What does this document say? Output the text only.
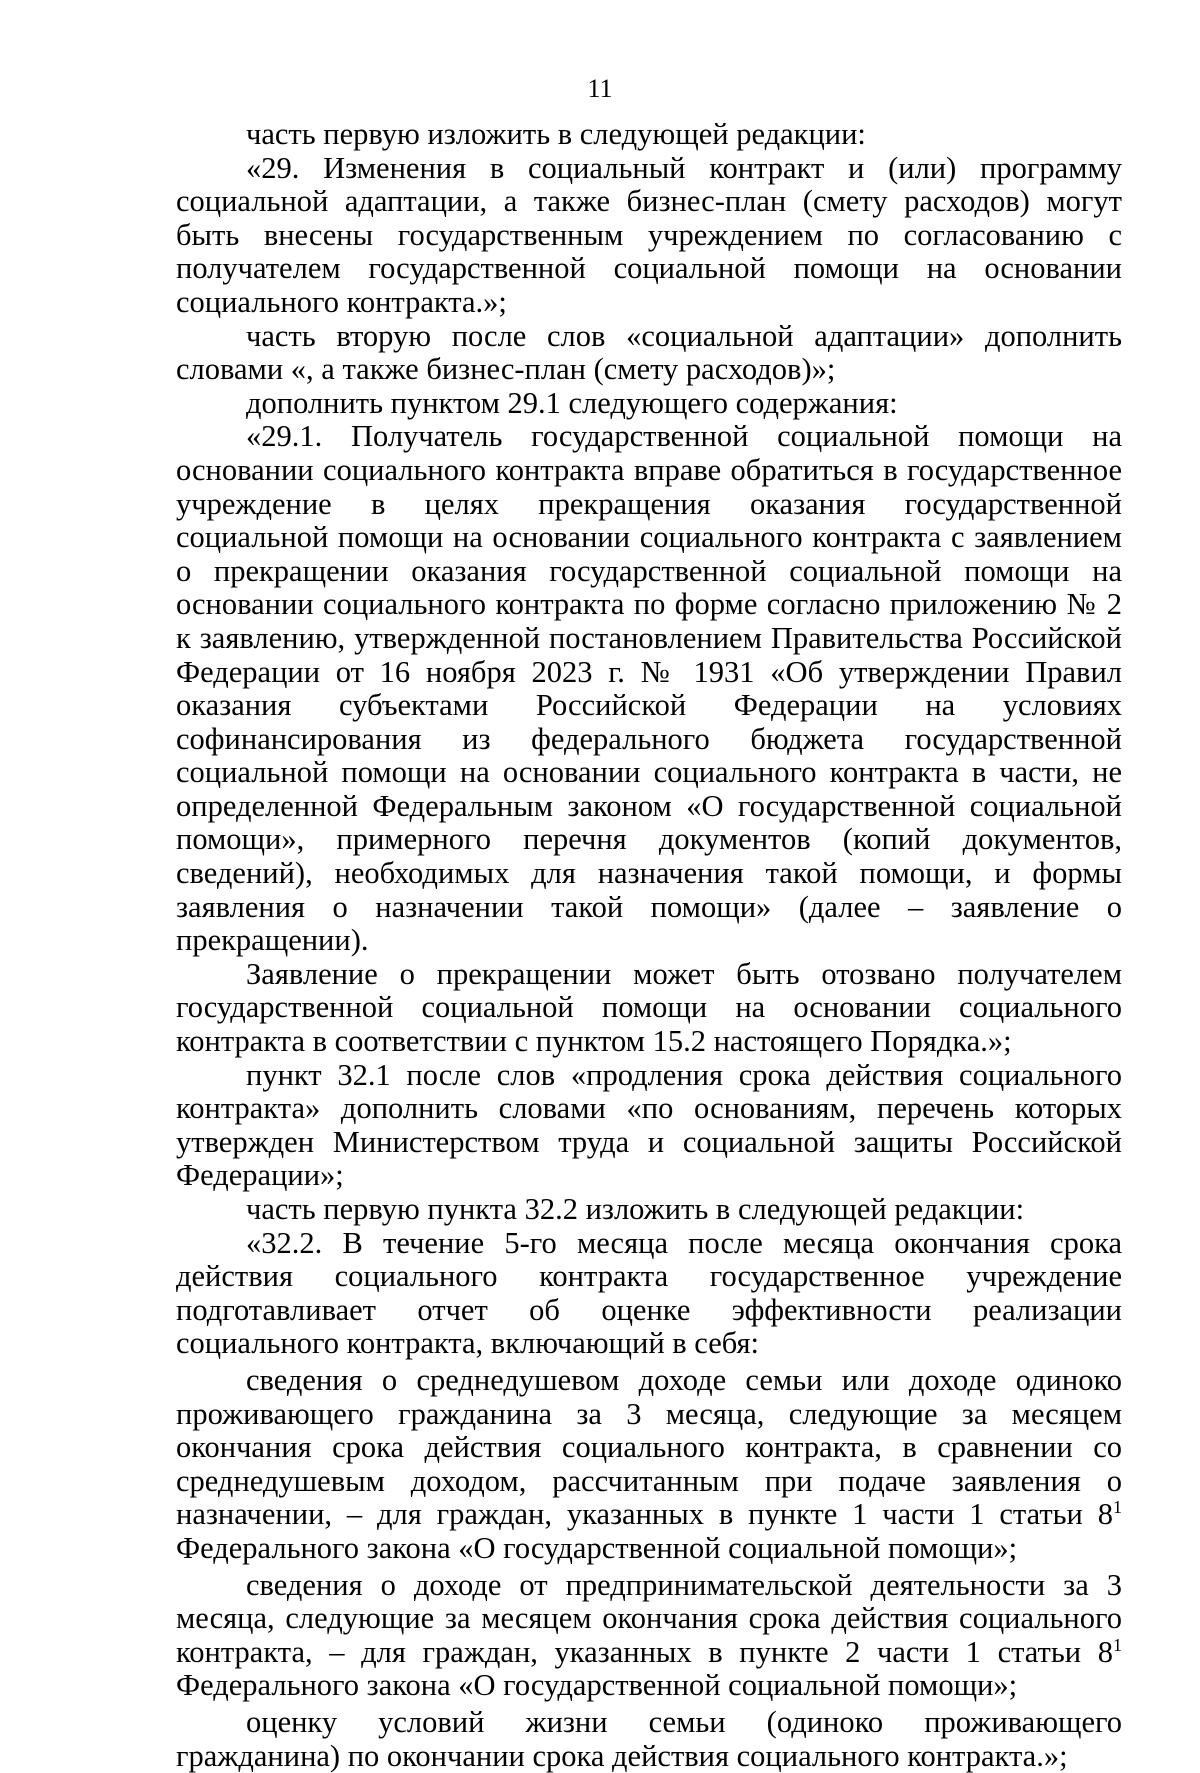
11

часть первую изложить в следующей редакции:

«29. Изменения в социальный контракт и (или) программу социальной адаптации, а также бизнес-план (смету расходов) могут быть внесены государственным учреждением по согласованию с получателем государственной социальной помощи на основании социального контракта.»;

часть вторую после слов «социальной адаптации» дополнить словами «, а также бизнес-план (смету расходов)»;

дополнить пунктом 29.1 следующего содержания:

«29.1. Получатель государственной социальной помощи на основании социального контракта вправе обратиться в государственное учреждение в целях прекращения оказания государственной социальной помощи на основании социального контракта с заявлением о прекращении оказания государственной социальной помощи на основании социального контракта по форме согласно приложению № 2 к заявлению, утвержденной постановлением Правительства Российской Федерации от 16 ноября 2023 г. № 1931 «Об утверждении Правил оказания субъектами Российской Федерации на условиях софинансирования из федерального бюджета государственной социальной помощи на основании социального контракта в части, не определенной Федеральным законом «О государственной социальной помощи», примерного перечня документов (копий документов, сведений), необходимых для назначения такой помощи, и формы заявления о назначении такой помощи» (далее – заявление о прекращении).

Заявление о прекращении может быть отозвано получателем государственной социальной помощи на основании социального контракта в соответствии с пунктом 15.2 настоящего Порядка.»;

пункт 32.1 после слов «продления срока действия социального контракта» дополнить словами «по основаниям, перечень которых утвержден Министерством труда и социальной защиты Российской Федерации»;

часть первую пункта 32.2 изложить в следующей редакции:

«32.2. В течение 5-го месяца после месяца окончания срока действия социального контракта государственное учреждение подготавливает отчет об оценке эффективности реализации социального контракта, включающий в себя:

сведения о среднедушевом доходе семьи или доходе одиноко проживающего гражданина за 3 месяца, следующие за месяцем окончания срока действия социального контракта, в сравнении со среднедушевым доходом, рассчитанным при подаче заявления о назначении, – для граждан, указанных в пункте 1 части 1 статьи $8^1$ Федерального закона «О государственной социальной помощи»;

сведения о доходе от предпринимательской деятельности за 3 месяца, следующие за месяцем окончания срока действия социального контракта, – для граждан, указанных в пункте 2 части 1 статьи $8^1$ Федерального закона «О государственной социальной помощи»;

оценку условий жизни семьи (одиноко проживающего гражданина) по окончании срока действия социального контракта.»;
